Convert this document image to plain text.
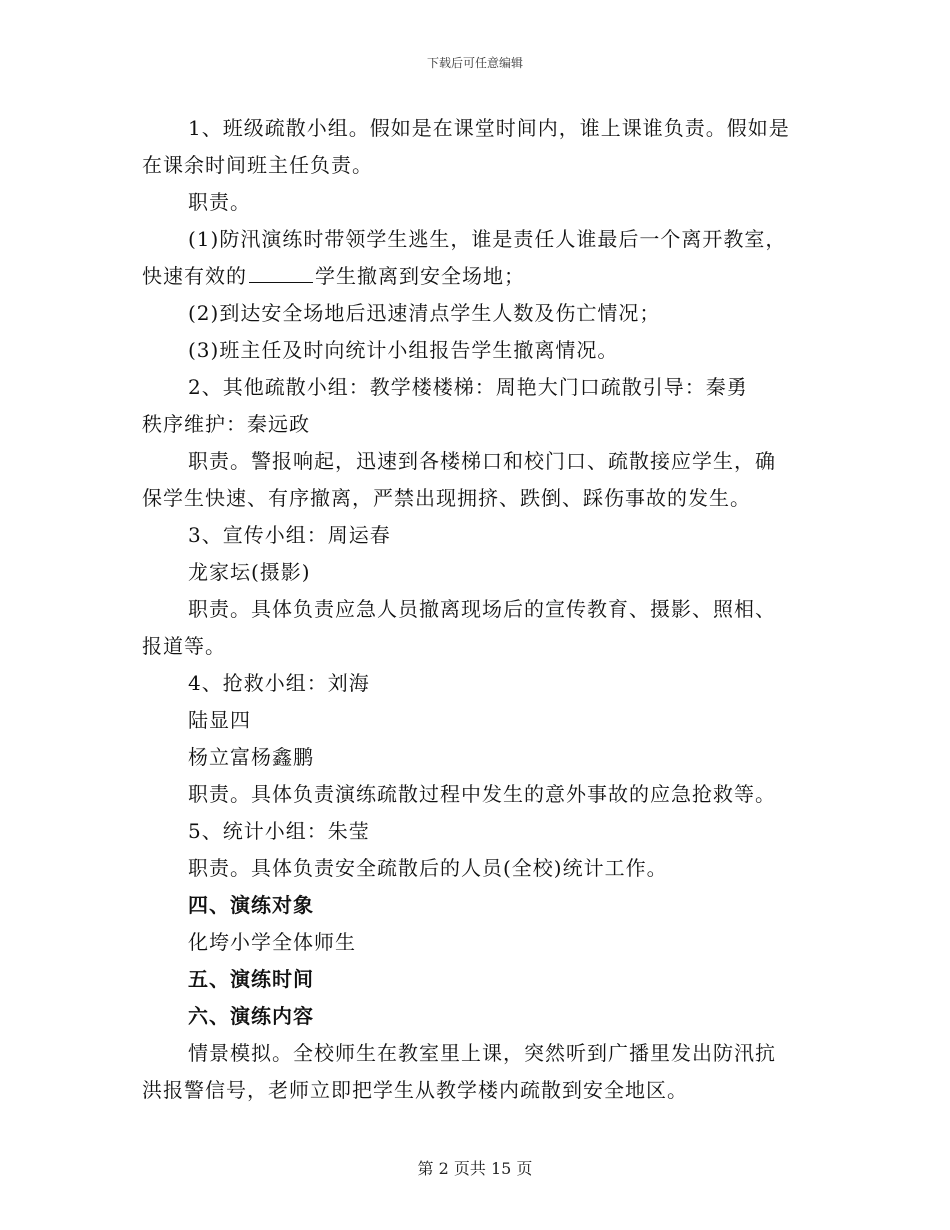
下载后可任意编辑
1、班级疏散小组。假如是在课堂时间内，谁上课谁负责。假如是
在课余时间班主任负责。
职责。
(1)防汛演练时带领学生逃生，谁是责任人谁最后一个离开教室，
快速有效的	学生撤离到安全场地；
(2)到达安全场地后迅速清点学生人数及伤亡情况；
(3)班主任及时向统计小组报告学生撤离情况。
2、其他疏散小组：教学楼楼梯：周艳大门口疏散引导：秦勇
秩序维护：秦远政
职责。警报响起，迅速到各楼梯口和校门口、疏散接应学生，确
保学生快速、有序撤离，严禁出现拥挤、跌倒、踩伤事故的发生。
3、宣传小组：周运春
龙家坛(摄影)
职责。具体负责应急人员撤离现场后的宣传教育、摄影、照相、
报道等。
4、抢救小组：刘海
陆显四
杨立富杨鑫鹏
职责。具体负责演练疏散过程中发生的意外事故的应急抢救等。
5、统计小组：朱莹
职责。具体负责安全疏散后的人员(全校)统计工作。
四、演练对象
化垮小学全体师生
五、演练时间
六、演练内容
情景模拟。全校师生在教室里上课，突然听到广播里发出防汛抗
洪报警信号，老师立即把学生从教学楼内疏散到安全地区。
第 2 页共 15 页
